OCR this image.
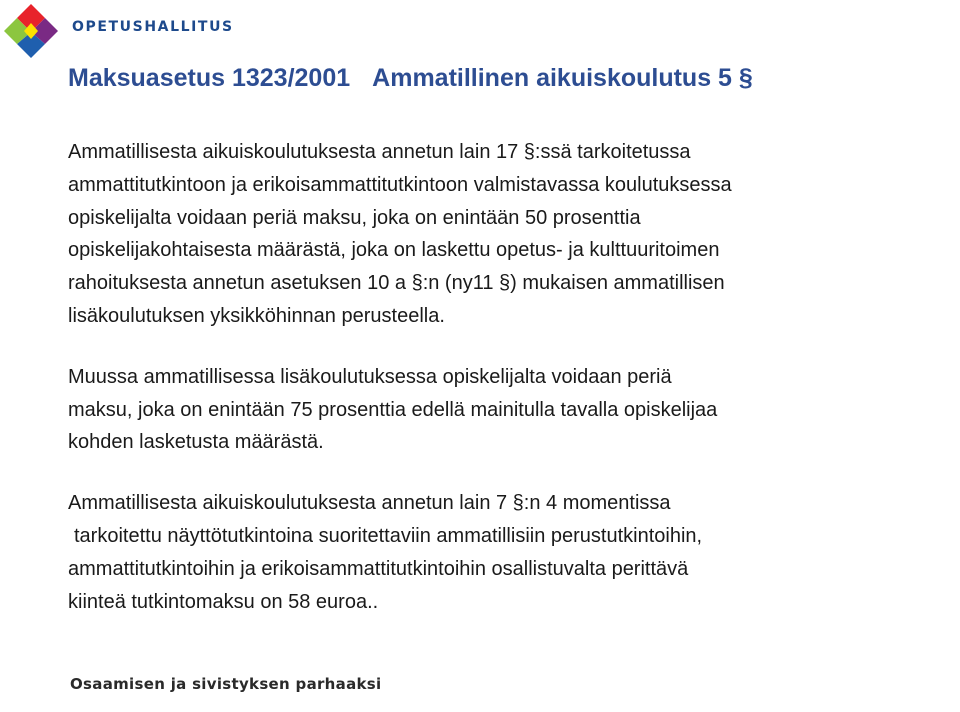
OPETUSHALLITUS
Maksuasetus 1323/2001 Ammatillinen aikuiskoulutus 5 §

Ammatillisesta aikuiskoulutuksesta annetun lain 17 §:ssä tarkoitetussa
ammattitutkintoon ja erikoisammattitutkintoon valmistavassa koulutuksessa
opiskelijalta voidaan periä maksu, joka on enintään 50 prosenttia
opiskelijakohtaisesta määrästä, joka on laskettu opetus- ja kulttuuritoimen
rahoituksesta annetun asetuksen 10 a §:n (ny11 §) mukaisen ammatillisen
lisäkoulutuksen yksikköhinnan perusteella.

Muussa ammatillisessa lisäkoulutuksessa opiskelijalta voidaan periä
maksu, joka on enintään 75 prosenttia edellä mainitulla tavalla opiskelijaa
kohden lasketusta määrästä.

Ammatillisesta aikuiskoulutuksesta annetun lain 7 §:n 4 momentissa
tarkoitettu näyttötutkintoina suoritettaviin ammatillisiin perustutkintoihin,
ammattitutkintoihin ja erikoisammattitutkintoihin osallistuvalta perittävä
kiinteä tutkintomaksu on 58 euroa..

Osaamisen ja sivistyksen parhaaksi
